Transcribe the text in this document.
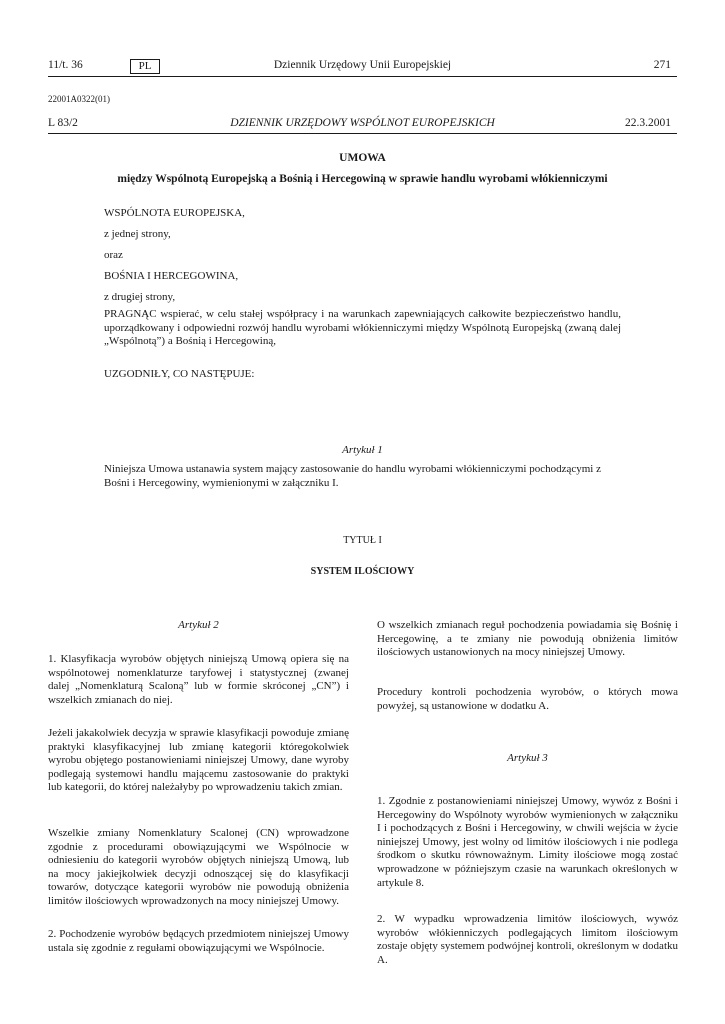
11/t. 36	PL	Dziennik Urzędowy Unii Europejskiej	271
22001A0322(01)
L 83/2	DZIENNIK URZĘDOWY WSPÓLNOT EUROPEJSKICH	22.3.2001
UMOWA
między Wspólnotą Europejską a Bośnią i Hercegowiną w sprawie handlu wyrobami włókienniczymi
WSPÓLNOTA EUROPEJSKA,
z jednej strony,
oraz
BOŚNIA I HERCEGOWINA,
z drugiej strony,
PRAGNĄC wspierać, w celu stałej współpracy i na warunkach zapewniających całkowite bezpieczeństwo handlu, uporządkowany i odpowiedni rozwój handlu wyrobami włókienniczymi między Wspólnotą Europejską (zwaną dalej „Wspólnotą”) a Bośnią i Hercegowiną,
UZGODNIŁY, CO NASTĘPUJE:
Artykuł 1
Niniejsza Umowa ustanawia system mający zastosowanie do handlu wyrobami włókienniczymi pochodzącymi z Bośni i Hercegowiny, wymienionymi w załączniku I.
TYTUŁ I
SYSTEM ILOŚCIOWY
Artykuł 2
1. Klasyfikacja wyrobów objętych niniejszą Umową opiera się na wspólnotowej nomenklaturze taryfowej i statystycznej (zwanej dalej „Nomenklaturą Scaloną” lub w formie skróconej „CN”) i wszelkich zmianach do niej.
Jeżeli jakakolwiek decyzja w sprawie klasyfikacji powoduje zmianę praktyki klasyfikacyjnej lub zmianę kategorii któregokolwiek wyrobu objętego postanowieniami niniejszej Umowy, dane wyroby podlegają systemowi handlu mającemu zastosowanie do praktyki lub kategorii, do której należałyby po wprowadzeniu takich zmian.
Wszelkie zmiany Nomenklatury Scalonej (CN) wprowadzone zgodnie z procedurami obowiązującymi we Wspólnocie w odniesieniu do kategorii wyrobów objętych niniejszą Umową, lub na mocy jakiejkolwiek decyzji odnoszącej się do klasyfikacji towarów, dotyczące kategorii wyrobów nie powodują obniżenia limitów ilościowych wprowadzonych na mocy niniejszej Umowy.
2. Pochodzenie wyrobów będących przedmiotem niniejszej Umowy ustala się zgodnie z regułami obowiązującymi we Wspólnocie.
O wszelkich zmianach reguł pochodzenia powiadamia się Bośnię i Hercegowinę, a te zmiany nie powodują obniżenia limitów ilościowych ustanowionych na mocy niniejszej Umowy.
Procedury kontroli pochodzenia wyrobów, o których mowa powyżej, są ustanowione w dodatku A.
Artykuł 3
1. Zgodnie z postanowieniami niniejszej Umowy, wywóz z Bośni i Hercegowiny do Wspólnoty wyrobów wymienionych w załączniku I i pochodzących z Bośni i Hercegowiny, w chwili wejścia w życie niniejszej Umowy, jest wolny od limitów ilościowych i nie podlega środkom o skutku równoważnym. Limity ilościowe mogą zostać wprowadzone w późniejszym czasie na warunkach określonych w artykule 8.
2. W wypadku wprowadzenia limitów ilościowych, wywóz wyrobów włókienniczych podlegających limitom ilościowym zostaje objęty systemem podwójnej kontroli, określonym w dodatku A.
